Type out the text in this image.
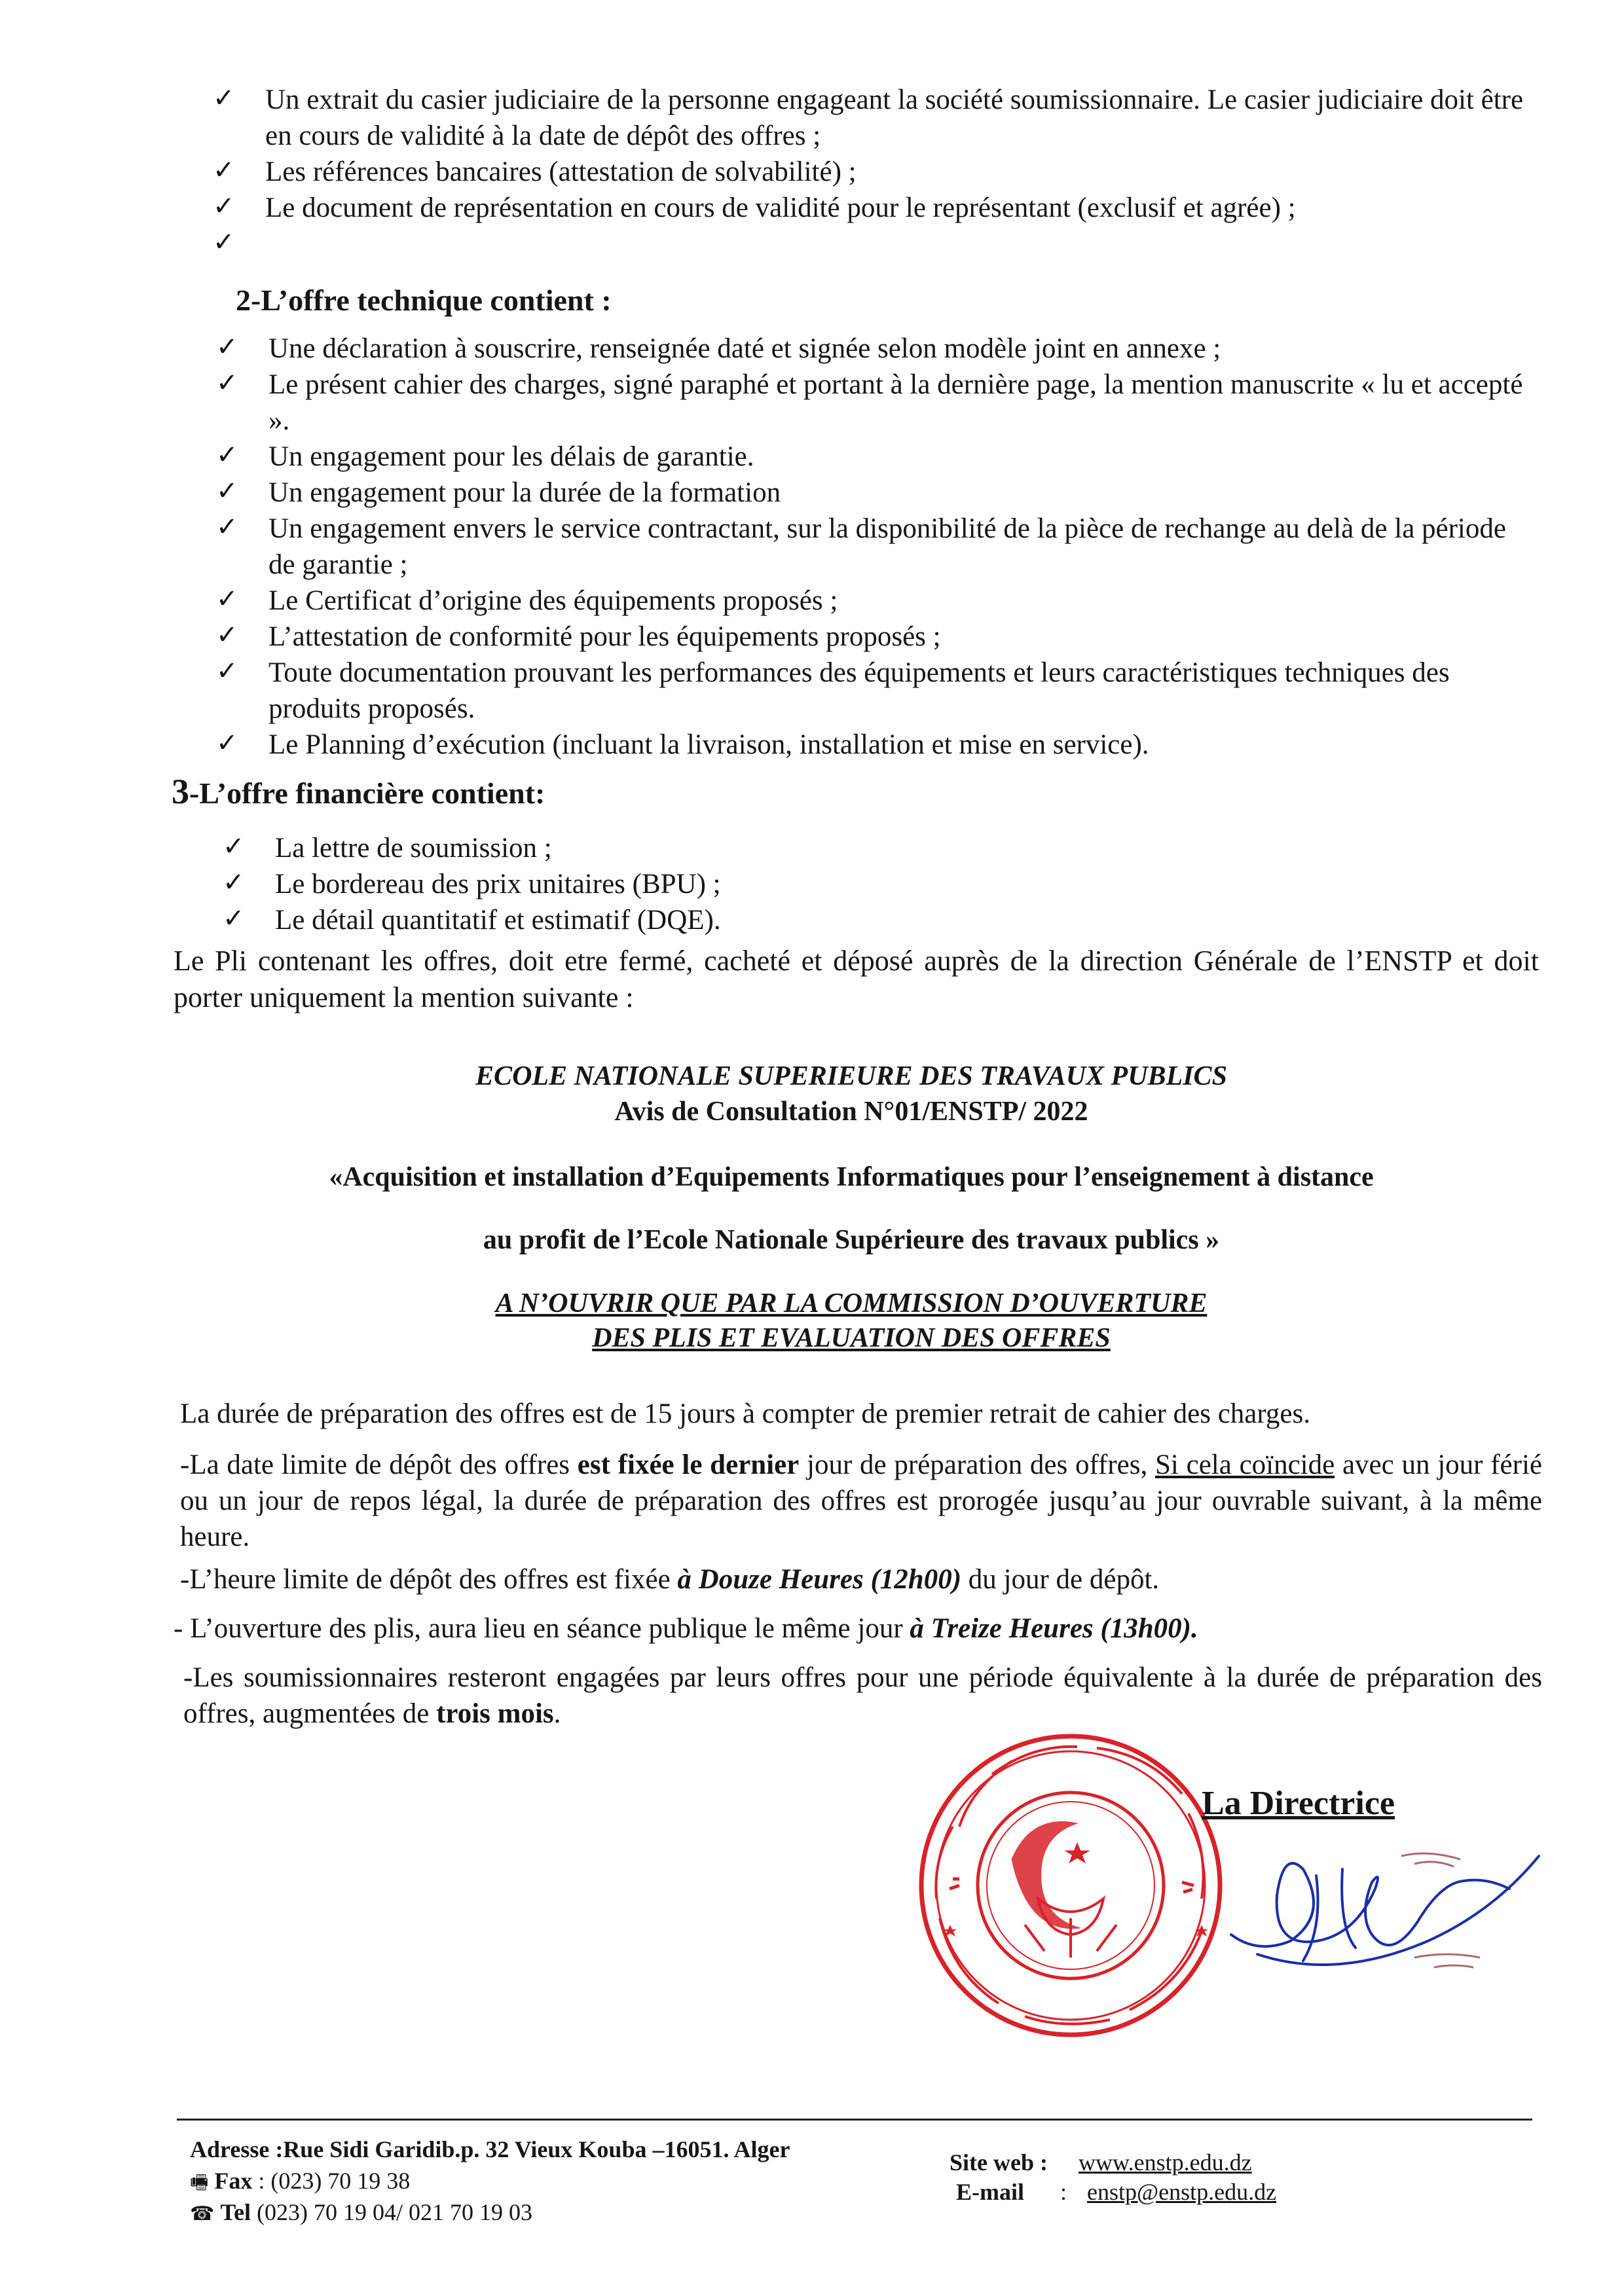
✓ Un extrait du casier judiciaire de la personne engageant la société soumissionnaire. Le casier judiciaire doit être en cours de validité à la date de dépôt des offres ;
✓ Les références bancaires (attestation de solvabilité) ;
✓ Le document de représentation en cours de validité pour le représentant (exclusif et agrée) ;
✓

2-L’offre technique contient :
✓ Une déclaration à souscrire, renseignée daté et signée selon modèle joint en annexe ;
✓ Le présent cahier des charges, signé paraphé et portant à la dernière page, la mention manuscrite « lu et accepté ».
✓ Un engagement pour les délais de garantie.
✓ Un engagement pour la durée de la formation
✓ Un engagement envers le service contractant, sur la disponibilité de la pièce de rechange au delà de la période de garantie ;
✓ Le Certificat d’origine des équipements proposés ;
✓ L’attestation de conformité pour les équipements proposés ;
✓ Toute documentation prouvant les performances des équipements et leurs caractéristiques techniques des produits proposés.
✓ Le Planning d’exécution (incluant la livraison, installation et mise en service).
3-L’offre financière contient:
✓ La lettre de soumission ;
✓ Le bordereau des prix unitaires (BPU) ;
✓ Le détail quantitatif et estimatif (DQE).

Le Pli contenant les offres, doit etre fermé, cacheté et déposé auprès de la direction Générale de l’ENSTP et doit porter uniquement la mention suivante :

ECOLE NATIONALE SUPERIEURE DES TRAVAUX PUBLICS
Avis de Consultation N°01/ENSTP/ 2022
«Acquisition et installation d’Equipements Informatiques pour l’enseignement à distance
au profit de l’Ecole Nationale Supérieure des travaux publics »
A N’OUVRIR QUE PAR LA COMMISSION D’OUVERTURE
DES PLIS ET EVALUATION DES OFFRES

La durée de préparation des offres est de 15 jours à compter de premier retrait de cahier des charges.

-La date limite de dépôt des offres est fixée le dernier jour de préparation des offres, Si cela coïncide avec un jour férié ou un jour de repos légal, la durée de préparation des offres est prorogée jusqu’au jour ouvrable suivant, à la même heure.

-L’heure limite de dépôt des offres est fixée à Douze Heures (12h00) du jour de dépôt.

- L’ouverture des plis, aura lieu en séance publique le même jour à Treize Heures (13h00).

-Les soumissionnaires resteront engagées par leurs offres pour une période équivalente à la durée de préparation des offres, augmentées de trois mois.

La Directrice
Adresse :Rue Sidi Garidib.p. 32 Vieux Kouba –16051. Alger
🖷 Fax : (023) 70 19 38
☎ Tel (023) 70 19 04/ 021 70 19 03
Site web : www.enstp.edu.dz
E-mail : enstp@enstp.edu.dz
